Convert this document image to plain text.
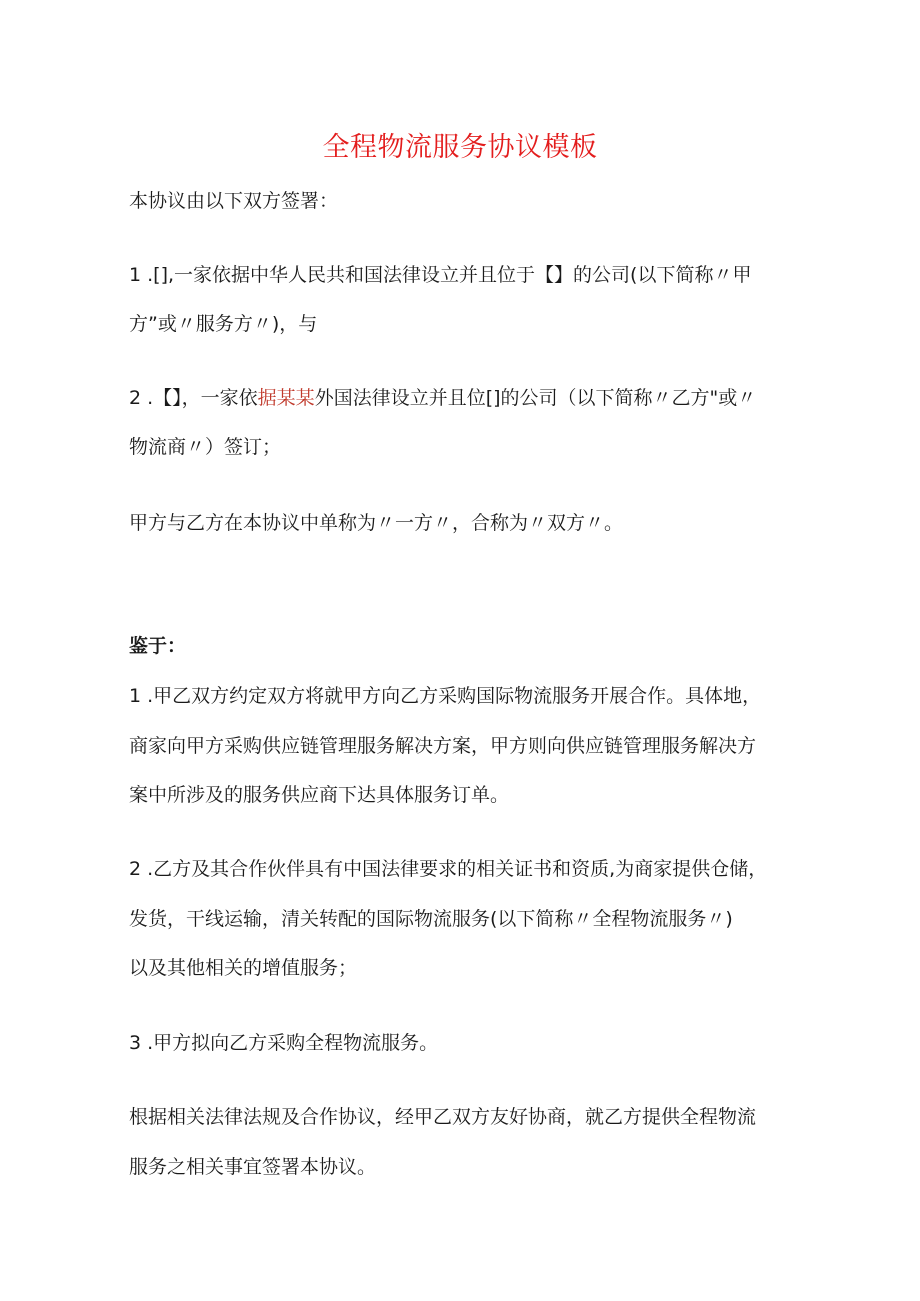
全程物流服务协议模板

本协议由以下双方签署：

1 .[],一家依据中华人民共和国法律设立并且位于【】的公司(以下简称〃甲

方”或〃服务方〃)，与

2 .【】，一家依据某某外国法律设立并且位[]的公司（以下简称〃乙方"或〃

物流商〃）签订；

甲方与乙方在本协议中单称为〃一方〃，合称为〃双方〃。

鉴于：

1 .甲乙双方约定双方将就甲方向乙方采购国际物流服务开展合作。具体地，

商家向甲方采购供应链管理服务解决方案，甲方则向供应链管理服务解决方

案中所涉及的服务供应商下达具体服务订单。

2 .乙方及其合作伙伴具有中国法律要求的相关证书和资质,为商家提供仓储，

发货，干线运输，清关转配的国际物流服务(以下简称〃全程物流服务〃)

以及其他相关的增值服务；

3 .甲方拟向乙方采购全程物流服务。

根据相关法律法规及合作协议，经甲乙双方友好协商，就乙方提供全程物流

服务之相关事宜签署本协议。
